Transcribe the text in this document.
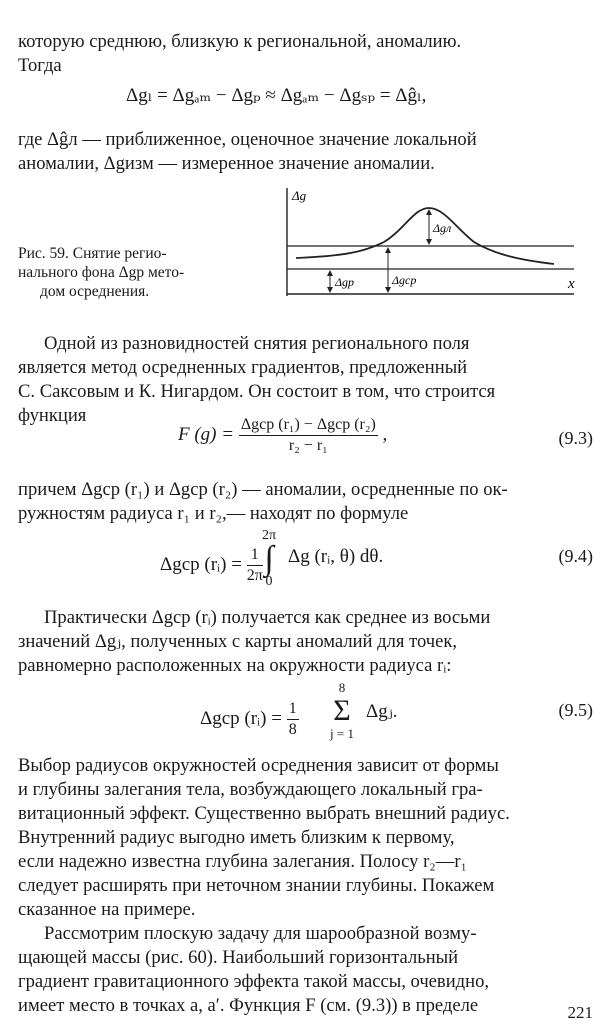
которую среднюю, близкую к региональной, аномалию.
Тогда
Δgₗ = Δgₐₘ − Δgₚ ≈ Δgₐₘ − Δgₛₚ = Δĝₗ,
где Δĝл — приближенное, оценочное значение локальной
аномалии, Δgизм — измеренное значение аномалии.
Рис. 59. Снятие регио-
нального фона Δgр мето-
дом осреднения.
Δg
x
Δgл
Δgр	Δgср
Одной из разновидностей снятия регионального поля
является метод осредненных градиентов, предложенный
С. Саксовым и К. Нигардом. Он состоит в том, что строится
функция
F $(g) = \frac{\text{Δgср (r₁) − Δgср (r₂)}}{\text{r₂ − r₁}}$ ,	(9.3)
причем Δgср (r₁) и Δgср (r₂) — аномалии, осредненные по ок-
ружностям радиуса r₁ и r₂,— находят по формуле
Δgср (rᵢ) = $\frac{1}{2\pi}$
2π
∫
0
Δg (rᵢ, θ) dθ.	(9.4)
Практически Δgср (rᵢ) получается как среднее из восьми
значений Δgⱼ, полученных с карты аномалий для точек,
равномерно расположенных на окружности радиуса rᵢ:
Δgср (rᵢ) = $\frac{1}{8}$
8
Σ
j = 1
Δgⱼ.	(9.5)
Выбор радиусов окружностей осреднения зависит от формы
и глубины залегания тела, возбуждающего локальный гра-
витационный эффект. Существенно выбрать внешний радиус.
Внутренний радиус выгодно иметь близким к первому,
если надежно известна глубина залегания. Полосу r₂—r₁
следует расширять при неточном знании глубины. Покажем
сказанное на примере.
Рассмотрим плоскую задачу для шарообразной возму-
щающей массы (рис. 60). Наибольший горизонтальный
градиент гравитационного эффекта такой массы, очевидно,
имеет место в точках a, a′. Функция F (см. (9.3)) в пределе	221
